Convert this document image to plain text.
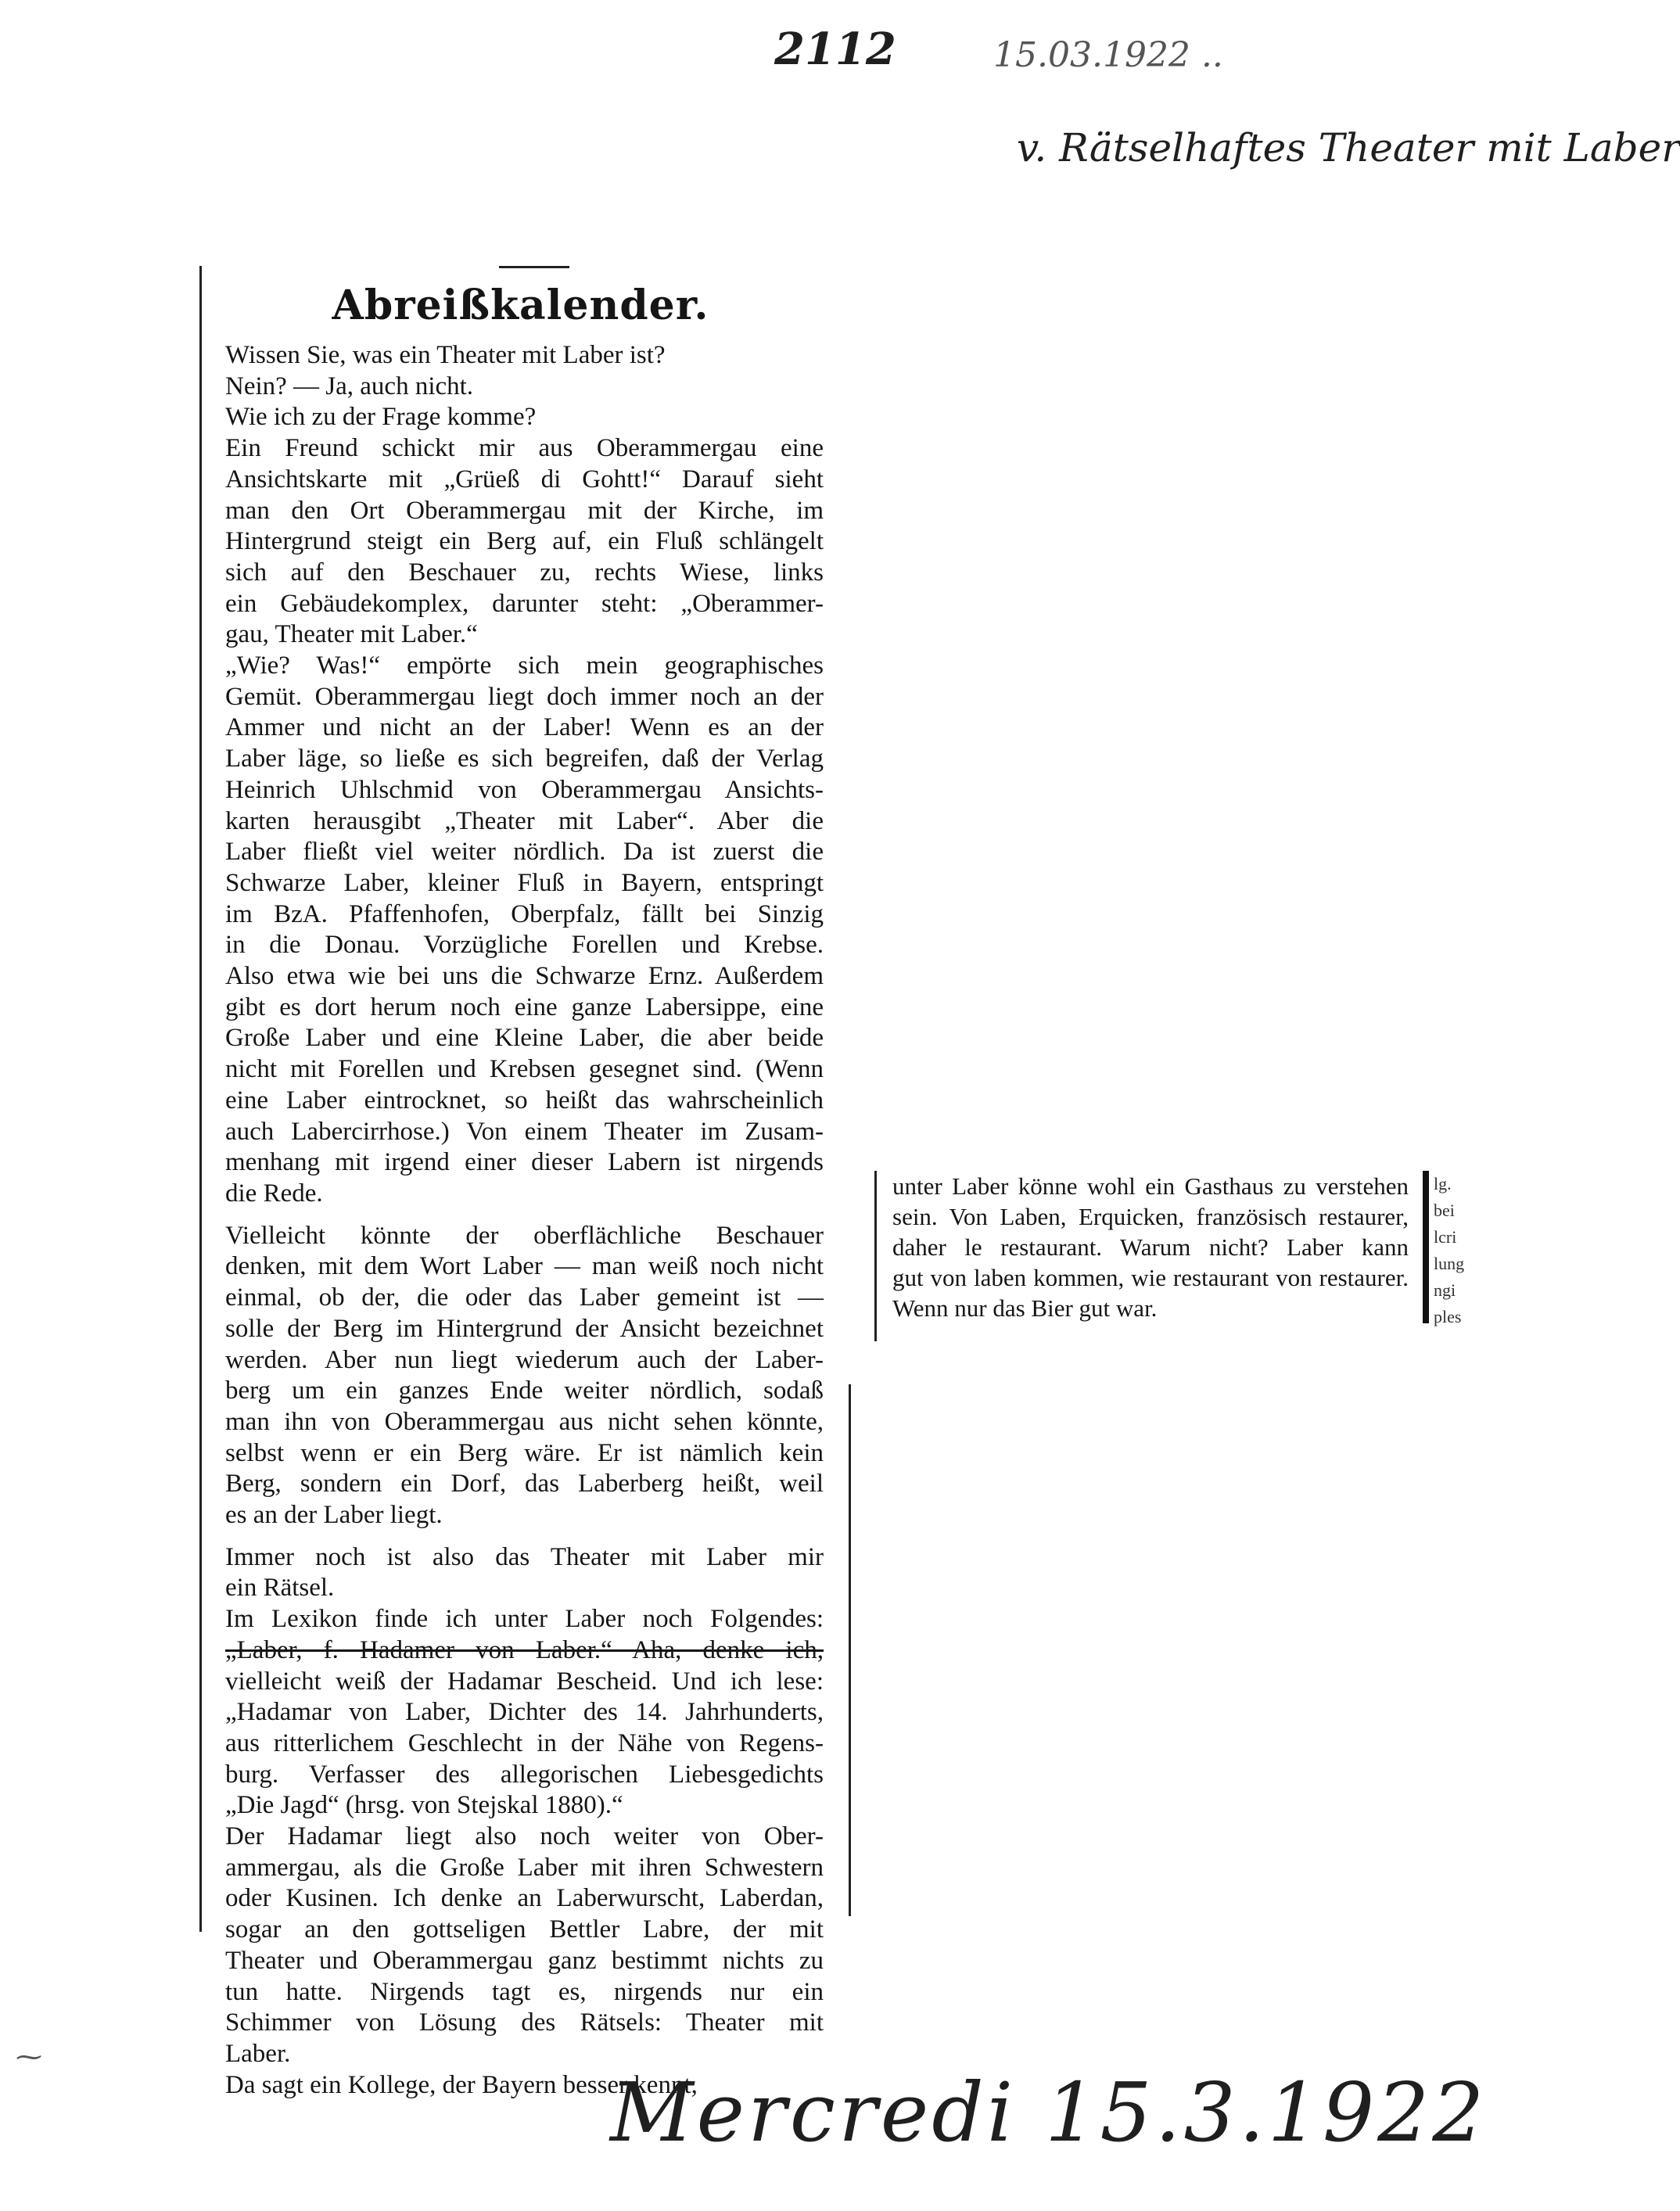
2112	15.03.1922 ..
v. Rätselhaftes Theater mit Laber
⁓
Abreißkalender.
Wissen Sie, was ein Theater mit Laber ist?
Nein? — Ja, auch nicht.
Wie ich zu der Frage komme?
Ein Freund schickt mir aus Oberammergau eine
Ansichtskarte mit „Grüeß di Gohtt!“ Darauf sieht
man den Ort Oberammergau mit der Kirche, im
Hintergrund steigt ein Berg auf, ein Fluß schlängelt
sich auf den Beschauer zu, rechts Wiese, links
ein Gebäudekomplex, darunter steht: „Oberammer-
gau, Theater mit Laber.“
„Wie? Was!“ empörte sich mein geographisches
Gemüt. Oberammergau liegt doch immer noch an der
Ammer und nicht an der Laber! Wenn es an der
Laber läge, so ließe es sich begreifen, daß der Verlag
Heinrich Uhlschmid von Oberammergau Ansichts-
karten herausgibt „Theater mit Laber“. Aber die
Laber fließt viel weiter nördlich. Da ist zuerst die
Schwarze Laber, kleiner Fluß in Bayern, entspringt
im BzA. Pfaffenhofen, Oberpfalz, fällt bei Sinzig
in die Donau. Vorzügliche Forellen und Krebse.
Also etwa wie bei uns die Schwarze Ernz. Außerdem
gibt es dort herum noch eine ganze Labersippe, eine
Große Laber und eine Kleine Laber, die aber beide
nicht mit Forellen und Krebsen gesegnet sind. (Wenn
eine Laber eintrocknet, so heißt das wahrscheinlich
auch Labercirrhose.) Von einem Theater im Zusam-
menhang mit irgend einer dieser Labern ist nirgends
die Rede.
Vielleicht könnte der oberflächliche Beschauer
denken, mit dem Wort Laber — man weiß noch nicht
einmal, ob der, die oder das Laber gemeint ist —
solle der Berg im Hintergrund der Ansicht bezeichnet
werden. Aber nun liegt wiederum auch der Laber-
berg um ein ganzes Ende weiter nördlich, sodaß
man ihn von Oberammergau aus nicht sehen könnte,
selbst wenn er ein Berg wäre. Er ist nämlich kein
Berg, sondern ein Dorf, das Laberberg heißt, weil
es an der Laber liegt.
Immer noch ist also das Theater mit Laber mir
ein Rätsel.
Im Lexikon finde ich unter Laber noch Folgendes:
„Laber, f. Hadamer von Laber.“ Aha, denke ich,
vielleicht weiß der Hadamar Bescheid. Und ich lese:
„Hadamar von Laber, Dichter des 14. Jahrhunderts,
aus ritterlichem Geschlecht in der Nähe von Regens-
burg. Verfasser des allegorischen Liebesgedichts
„Die Jagd“ (hrsg. von Stejskal 1880).“
Der Hadamar liegt also noch weiter von Ober-
ammergau, als die Große Laber mit ihren Schwestern
oder Kusinen. Ich denke an Laberwurscht, Laberdan,
sogar an den gottseligen Bettler Labre, der mit
Theater und Oberammergau ganz bestimmt nichts zu
tun hatte. Nirgends tagt es, nirgends nur ein
Schimmer von Lösung des Rätsels: Theater mit
Laber.
Da sagt ein Kollege, der Bayern besser kennt,
unter Laber könne wohl ein Gasthaus zu verstehen
sein. Von Laben, Erquicken, französisch restaurer,
daher le restaurant. Warum nicht? Laber kann
gut von laben kommen, wie restaurant von restaurer.
Wenn nur das Bier gut war.
lg.
bei
lcri
lung
ngi
ples
Mercredi 15.3.1922
